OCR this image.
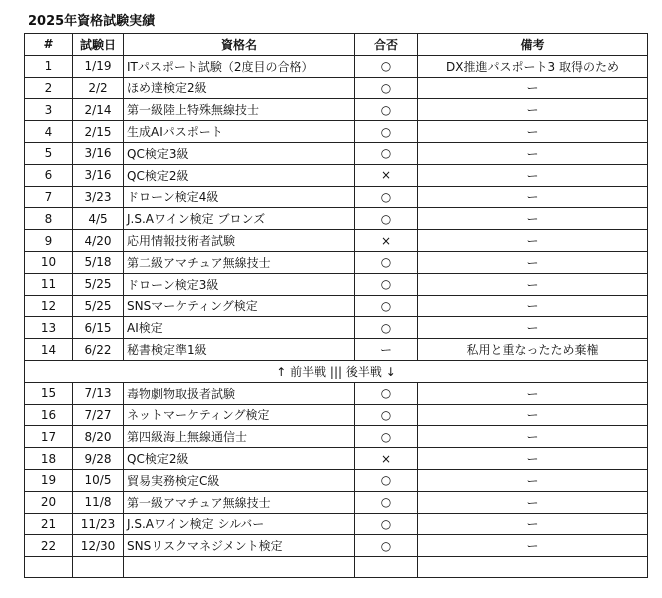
2025年資格試験実績
#	試験日	資格名	合否	備考
1	1/19	ITパスポート試験（2度目の合格）	○	DX推進パスポート3 取得のため
2	2/2	ほめ達検定2級	○	ー
3	2/14	第一級陸上特殊無線技士	○	ー
4	2/15	生成AIパスポート	○	ー
5	3/16	QC検定3級	○	ー
6	3/16	QC検定2級	×	ー
7	3/23	ドローン検定4級	○	ー
8	4/5	J.S.Aワイン検定 ブロンズ	○	ー
9	4/20	応用情報技術者試験	×	ー
10	5/18	第二級アマチュア無線技士	○	ー
11	5/25	ドローン検定3級	○	ー
12	5/25	SNSマーケティング検定	○	ー
13	6/15	AI検定	○	ー
14	6/22	秘書検定準1級	ー	私用と重なったため棄権
↑ 前半戦 ||| 後半戦 ↓				
15	7/13	毒物劇物取扱者試験	○	ー
16	7/27	ネットマーケティング検定	○	ー
17	8/20	第四級海上無線通信士	○	ー
18	9/28	QC検定2級	×	ー
19	10/5	貿易実務検定C級	○	ー
20	11/8	第一級アマチュア無線技士	○	ー
21	11/23	J.S.Aワイン検定 シルバー	○	ー
22	12/30	SNSリスクマネジメント検定	○	ー
